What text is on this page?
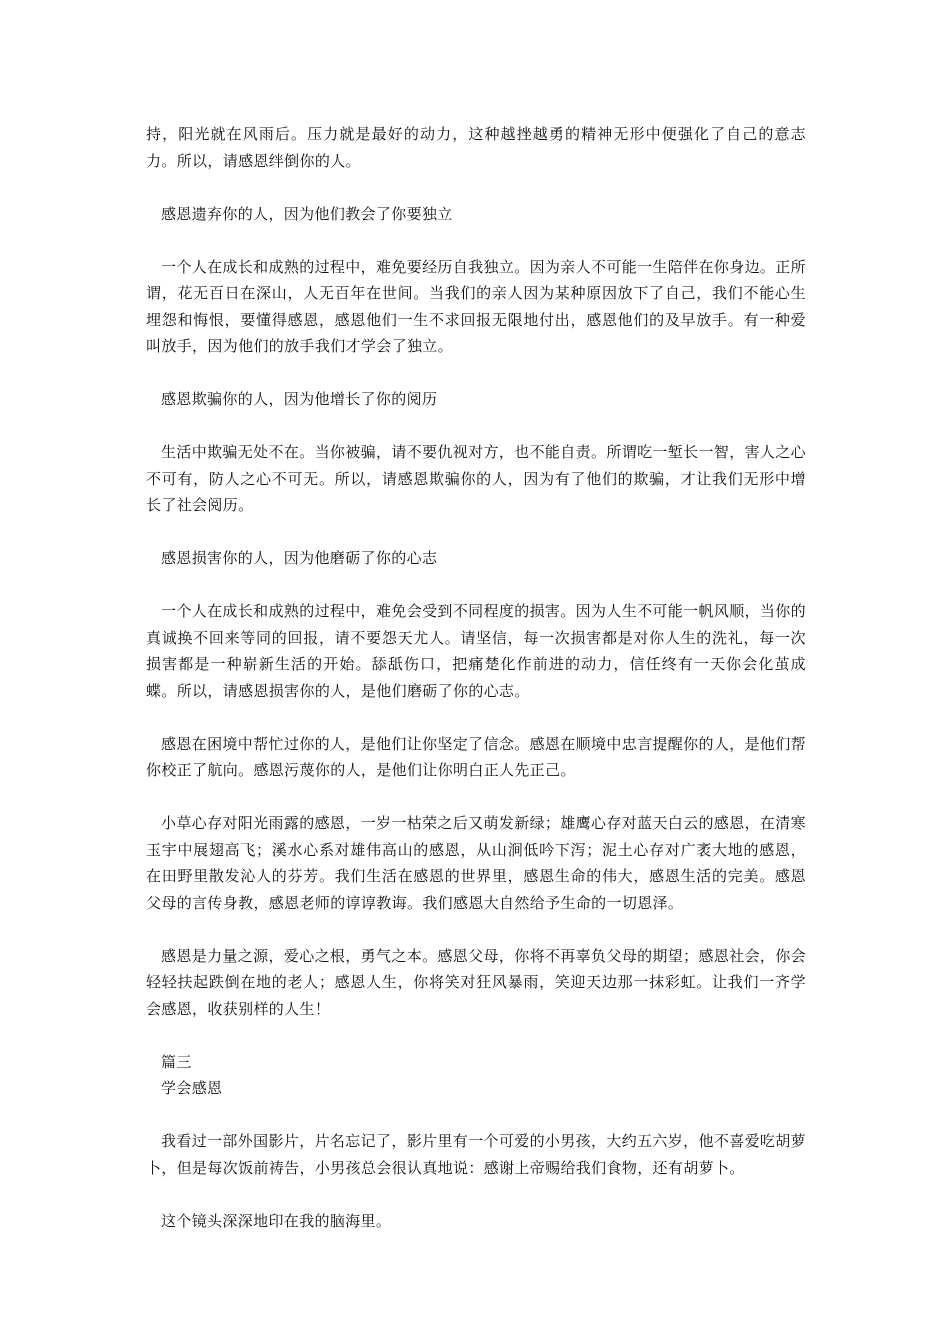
持，阳光就在风雨后。压力就是最好的动力，这种越挫越勇的精神无形中便强化了自己的意志力。所以，请感恩绊倒你的人。

感恩遗弃你的人，因为他们教会了你要独立

一个人在成长和成熟的过程中，难免要经历自我独立。因为亲人不可能一生陪伴在你身边。正所谓，花无百日在深山，人无百年在世间。当我们的亲人因为某种原因放下了自己，我们不能心生埋怨和悔恨，要懂得感恩，感恩他们一生不求回报无限地付出，感恩他们的及早放手。有一种爱叫放手，因为他们的放手我们才学会了独立。

感恩欺骗你的人，因为他增长了你的阅历

生活中欺骗无处不在。当你被骗，请不要仇视对方，也不能自责。所谓吃一堑长一智，害人之心不可有，防人之心不可无。所以，请感恩欺骗你的人，因为有了他们的欺骗，才让我们无形中增长了社会阅历。

感恩损害你的人，因为他磨砺了你的心志

一个人在成长和成熟的过程中，难免会受到不同程度的损害。因为人生不可能一帆风顺，当你的真诚换不回来等同的回报，请不要怨天尤人。请坚信，每一次损害都是对你人生的洗礼，每一次损害都是一种崭新生活的开始。舔舐伤口，把痛楚化作前进的动力，信任终有一天你会化茧成蝶。所以，请感恩损害你的人，是他们磨砺了你的心志。

感恩在困境中帮忙过你的人，是他们让你坚定了信念。感恩在顺境中忠言提醒你的人，是他们帮你校正了航向。感恩污蔑你的人，是他们让你明白正人先正己。

小草心存对阳光雨露的感恩，一岁一枯荣之后又萌发新绿；雄鹰心存对蓝天白云的感恩，在清寒玉宇中展翅高飞；溪水心系对雄伟高山的感恩，从山涧低吟下泻；泥土心存对广袤大地的感恩，在田野里散发沁人的芬芳。我们生活在感恩的世界里，感恩生命的伟大，感恩生活的完美。感恩父母的言传身教，感恩老师的谆谆教诲。我们感恩大自然给予生命的一切恩泽。

感恩是力量之源，爱心之根，勇气之本。感恩父母，你将不再辜负父母的期望；感恩社会，你会轻轻扶起跌倒在地的老人；感恩人生，你将笑对狂风暴雨，笑迎天边那一抹彩虹。让我们一齐学会感恩，收获别样的人生！

篇三
学会感恩

我看过一部外国影片，片名忘记了，影片里有一个可爱的小男孩，大约五六岁，他不喜爱吃胡萝卜，但是每次饭前祷告，小男孩总会很认真地说：感谢上帝赐给我们食物，还有胡萝卜。

这个镜头深深地印在我的脑海里。
